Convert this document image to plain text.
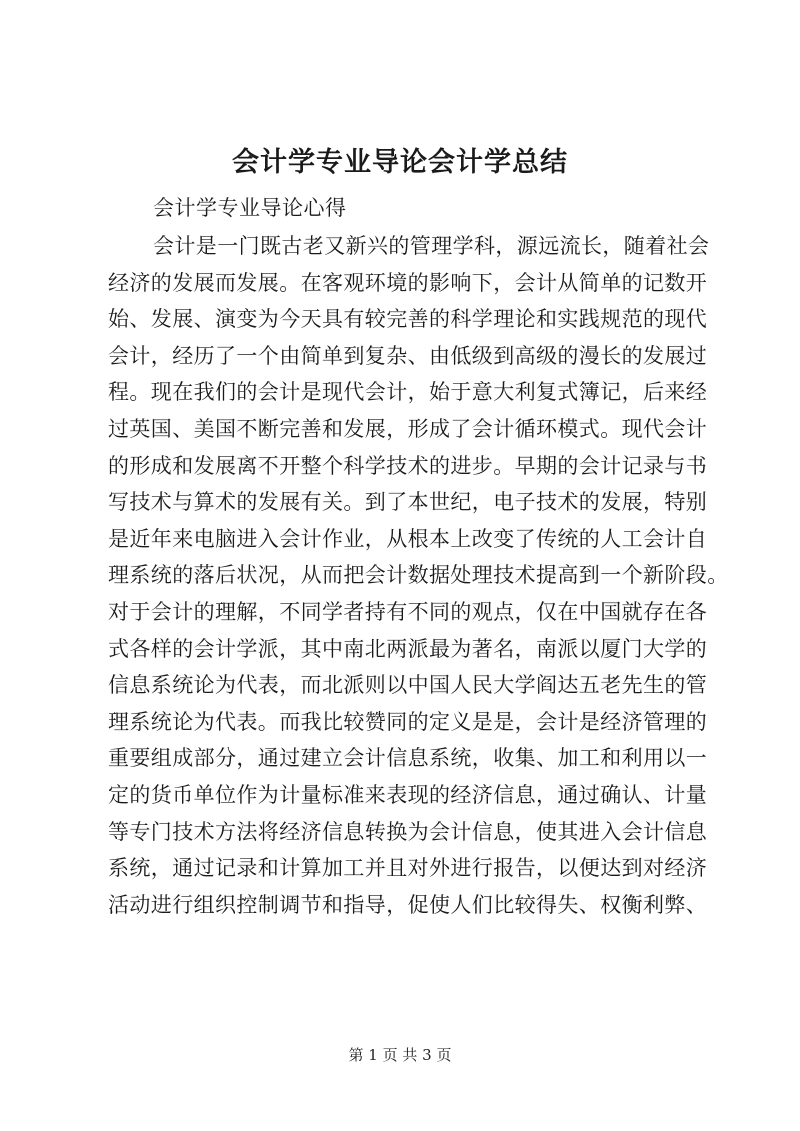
会计学专业导论会计学总结
会计学专业导论心得
会计是一门既古老又新兴的管理学科，源远流长，随着社会
经济的发展而发展。在客观环境的影响下，会计从简单的记数开
始、发展、演变为今天具有较完善的科学理论和实践规范的现代
会计，经历了一个由简单到复杂、由低级到高级的漫长的发展过
程。现在我们的会计是现代会计，始于意大利复式簿记，后来经
过英国、美国不断完善和发展，形成了会计循环模式。现代会计
的形成和发展离不开整个科学技术的进步。早期的会计记录与书
写技术与算术的发展有关。到了本世纪，电子技术的发展，特别
是近年来电脑进入会计作业，从根本上改变了传统的人工会计自
理系统的落后状况，从而把会计数据处理技术提高到一个新阶段。
对于会计的理解，不同学者持有不同的观点，仅在中国就存在各
式各样的会计学派，其中南北两派最为著名，南派以厦门大学的
信息系统论为代表，而北派则以中国人民大学阎达五老先生的管
理系统论为代表。而我比较赞同的定义是是，会计是经济管理的
重要组成部分，通过建立会计信息系统，收集、加工和利用以一
定的货币单位作为计量标准来表现的经济信息，通过确认、计量
等专门技术方法将经济信息转换为会计信息，使其进入会计信息
系统，通过记录和计算加工并且对外进行报告，以便达到对经济
活动进行组织控制调节和指导，促使人们比较得失、权衡利弊、
第 1 页 共 3 页
